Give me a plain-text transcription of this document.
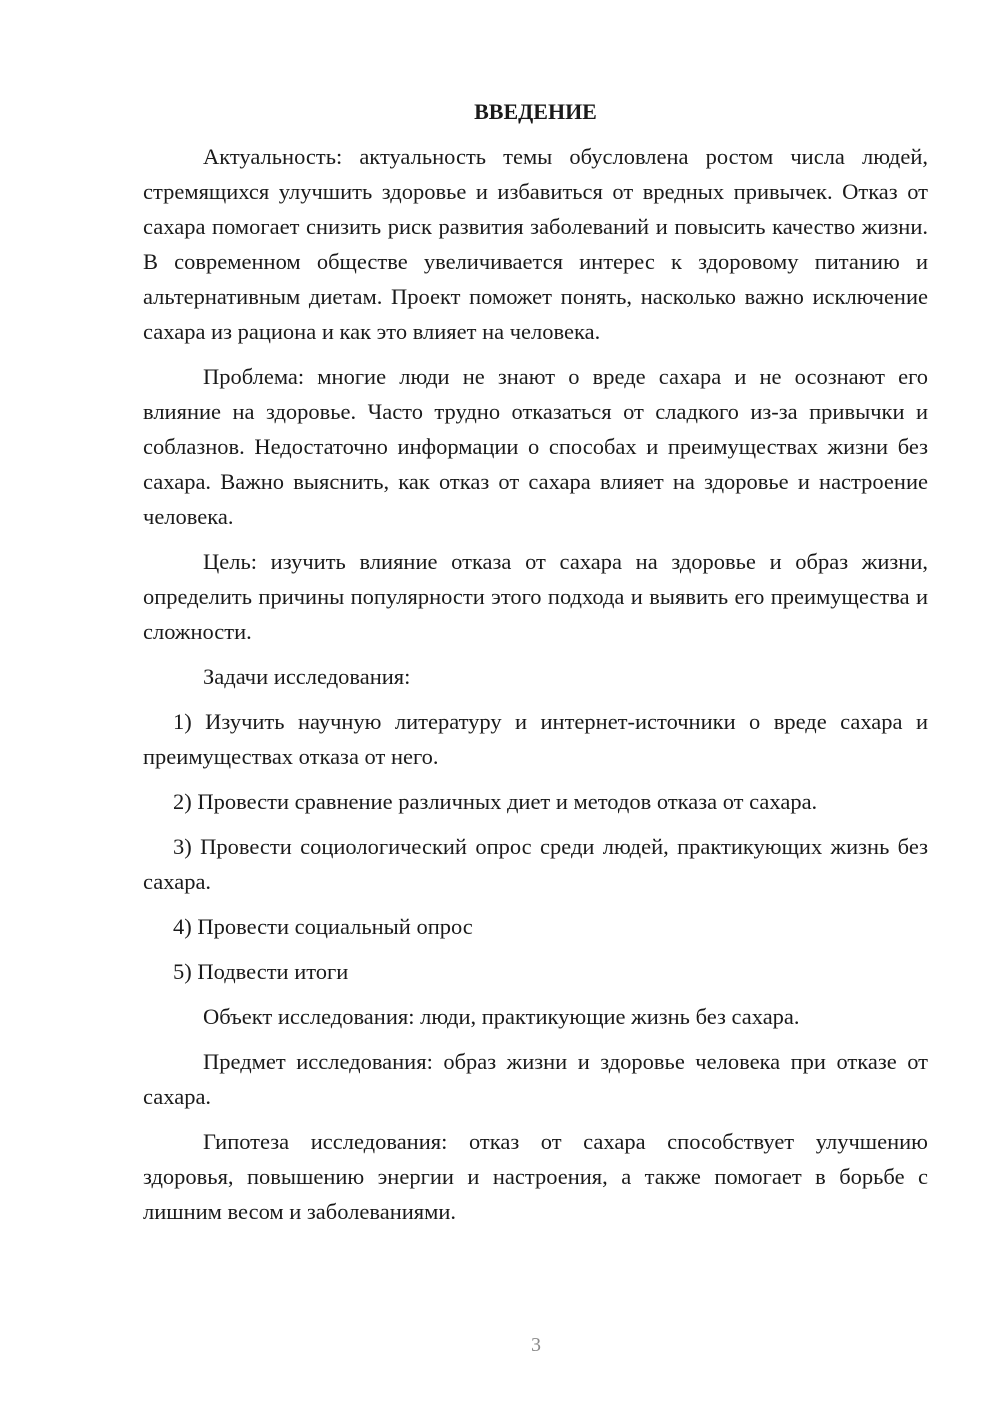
ВВЕДЕНИЕ

Актуальность: актуальность темы обусловлена ростом числа людей, стремящихся улучшить здоровье и избавиться от вредных привычек. Отказ от сахара помогает снизить риск развития заболеваний и повысить качество жизни. В современном обществе увеличивается интерес к здоровому питанию и альтернативным диетам. Проект поможет понять, насколько важно исключение сахара из рациона и как это влияет на человека.

Проблема: многие люди не знают о вреде сахара и не осознают его влияние на здоровье. Часто трудно отказаться от сладкого из-за привычки и соблазнов. Недостаточно информации о способах и преимуществах жизни без сахара. Важно выяснить, как отказ от сахара влияет на здоровье и настроение человека.

Цель: изучить влияние отказа от сахара на здоровье и образ жизни, определить причины популярности этого подхода и выявить его преимущества и сложности.

Задачи исследования:

1) Изучить научную литературу и интернет-источники о вреде сахара и преимуществах отказа от него.

2) Провести сравнение различных диет и методов отказа от сахара.

3) Провести социологический опрос среди людей, практикующих жизнь без сахара.

4) Провести социальный опрос

5) Подвести итоги

Объект исследования: люди, практикующие жизнь без сахара.

Предмет исследования: образ жизни и здоровье человека при отказе от сахара.

Гипотеза исследования: отказ от сахара способствует улучшению здоровья, повышению энергии и настроения, а также помогает в борьбе с лишним весом и заболеваниями.

3
